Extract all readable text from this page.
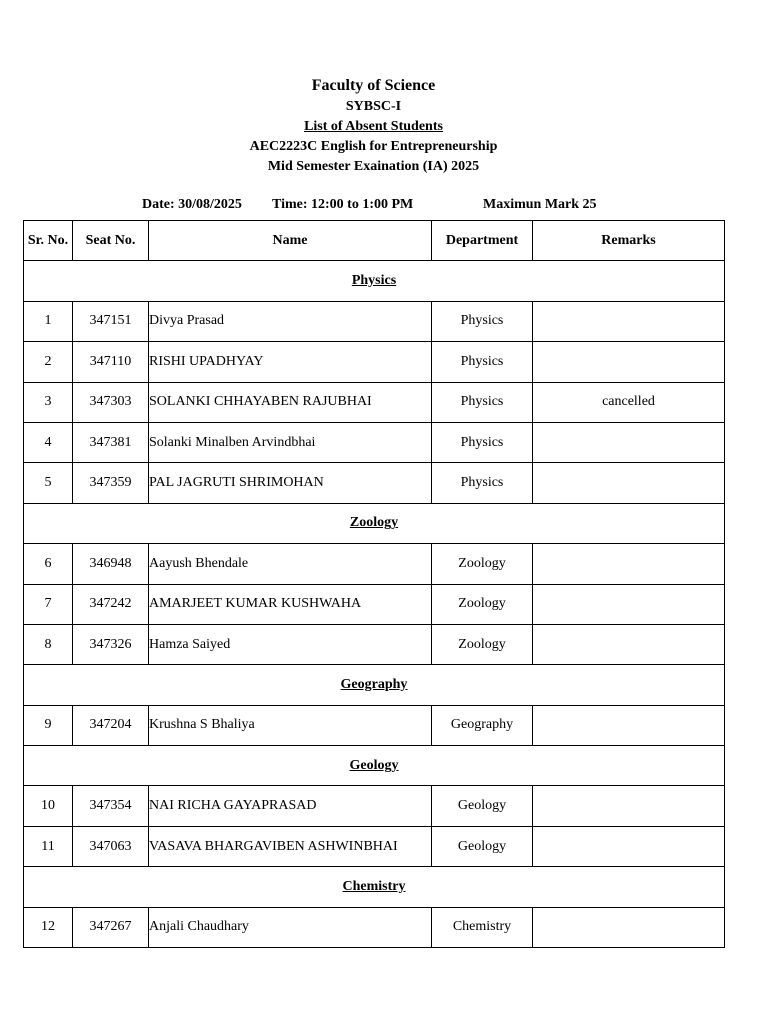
Faculty of Science
SYBSC-I
List of Absent Students
AEC2223C English for Entrepreneurship
Mid Semester Exaination (IA) 2025
Date: 30/08/2025 Time: 12:00 to 1:00 PM	Maximun Mark 25
Sr. No.	Seat No.	Name	Department	Remarks
Physics				
1	347151	Divya Prasad	Physics	
2	347110	RISHI UPADHYAY	Physics	
3	347303	SOLANKI CHHAYABEN RAJUBHAI	Physics	cancelled
4	347381	Solanki Minalben Arvindbhai	Physics	
5	347359	PAL JAGRUTI SHRIMOHAN	Physics	
Zoology				
6	346948	Aayush Bhendale	Zoology	
7	347242	AMARJEET KUMAR KUSHWAHA	Zoology	
8	347326	Hamza Saiyed	Zoology	
Geography				
9	347204	Krushna S Bhaliya	Geography	
Geology				
10	347354	NAI RICHA GAYAPRASAD	Geology	
11	347063	VASAVA BHARGAVIBEN ASHWINBHAI	Geology	
Chemistry				
12	347267	Anjali Chaudhary	Chemistry	
